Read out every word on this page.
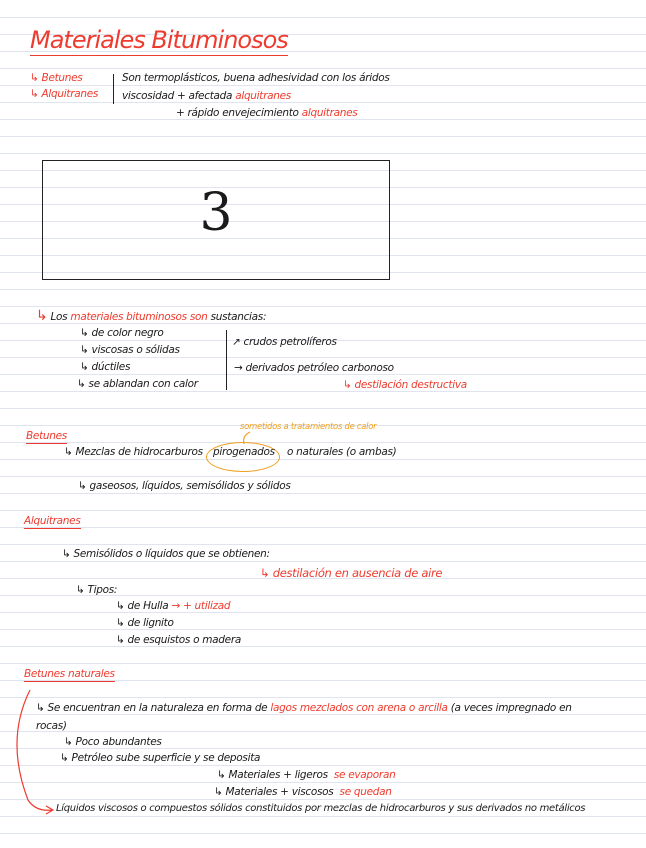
Materiales Bituminosos
↳ Betunes
↳ Alquitranes
Son termoplásticos, buena adhesividad con los áridos
viscosidad + afectada alquitranes
+ rápido envejecimiento alquitranes
3
↳ Los materiales bituminosos son sustancias:
↳ de color negro
↳ viscosas o sólidas
↳ dúctiles
↳ se ablandan con calor
↗ crudos petrolíferos
→ derivados petróleo carbonoso
↳ destilación destructiva
Betunes
sometidos a tratamientos de calor
↳ Mezclas de hidrocarburos pirogenados o naturales (o ambas)
↳ gaseosos, líquidos, semisólidos y sólidos
Alquitranes
↳ Semisólidos o líquidos que se obtienen:
↳ destilación en ausencia de aire
↳ Tipos:
↳ de Hulla → + utilizad
↳ de lignito
↳ de esquistos o madera
Betunes naturales
↳ Se encuentran en la naturaleza en forma de lagos mezclados con arena o arcilla (a veces impregnado en
rocas)
↳ Poco abundantes
↳ Petróleo sube superficie y se deposita
↳ Materiales + ligeros se evaporan
↳ Materiales + viscosos se quedan
Líquidos viscosos o compuestos sólidos constituidos por mezclas de hidrocarburos y sus derivados no metálicos
